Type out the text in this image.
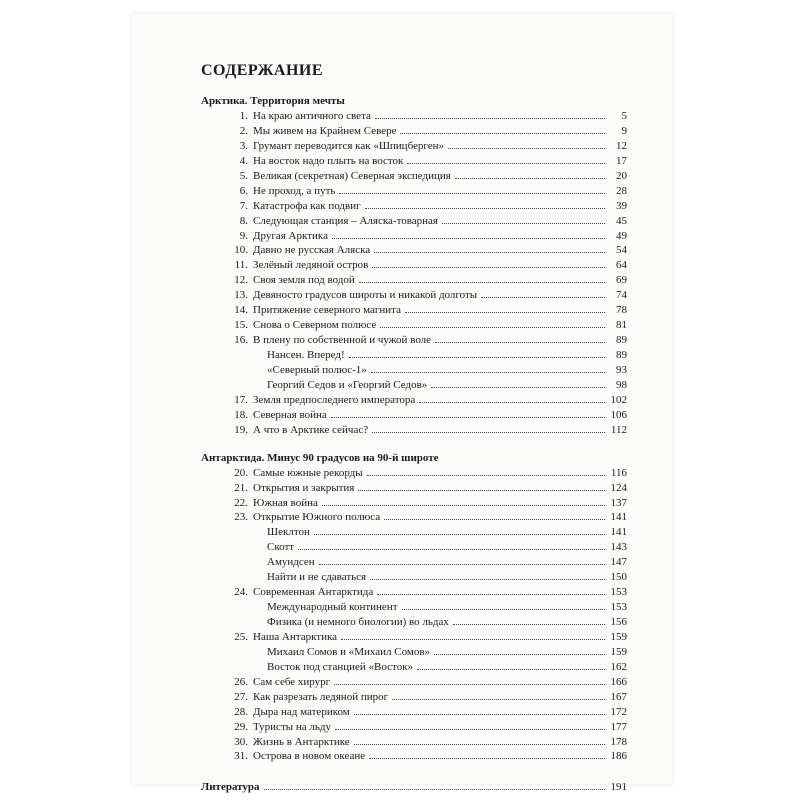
СОДЕРЖАНИЕ
Арктика. Территория мечты
1. На краю античного света	5
2. Мы живем на Крайнем Севере	9
3. Грумант переводится как «Шпицберген»	12
4. На восток надо плыть на восток	17
5. Великая (секретная) Северная экспедиция	20
6. Не проход, а путь	28
7. Катастрофа как подвиг	39
8. Следующая станция – Аляска-товарная	45
9. Другая Арктика	49
10. Давно не русская Аляска	54
11. Зелёный ледяной остров	64
12. Своя земля под водой	69
13. Девяносто градусов широты и никакой долготы	74
14. Притяжение северного магнита	78
15. Снова о Северном полюсе	81
16. В плену по собственной и чужой воле	89
Нансен. Вперед!	89
«Северный полюс-1»	93
Георгий Седов и «Георгий Седов»	98
17. Земля предпоследнего императора	102
18. Северная война	106
19. А что в Арктике сейчас?	112
Антарктида. Минус 90 градусов на 90-й широте
20. Самые южные рекорды	116
21. Открытия и закрытия	124
22. Южная война	137
23. Открытие Южного полюса	141
Шеклтон	141
Скотт	143
Амундсен	147
Найти и не сдаваться	150
24. Современная Антарктида	153
Международный континент	153
Физика (и немного биологии) во льдах	156
25. Наша Антарктика	159
Михаил Сомов и «Михаил Сомов»	159
Восток под станцией «Восток»	162
26. Сам себе хирург	166
27. Как разрезать ледяной пирог	167
28. Дыра над материком	172
29. Туристы на льду	177
30. Жизнь в Антарктике	178
31. Острова в новом океане	186
Литература	191
